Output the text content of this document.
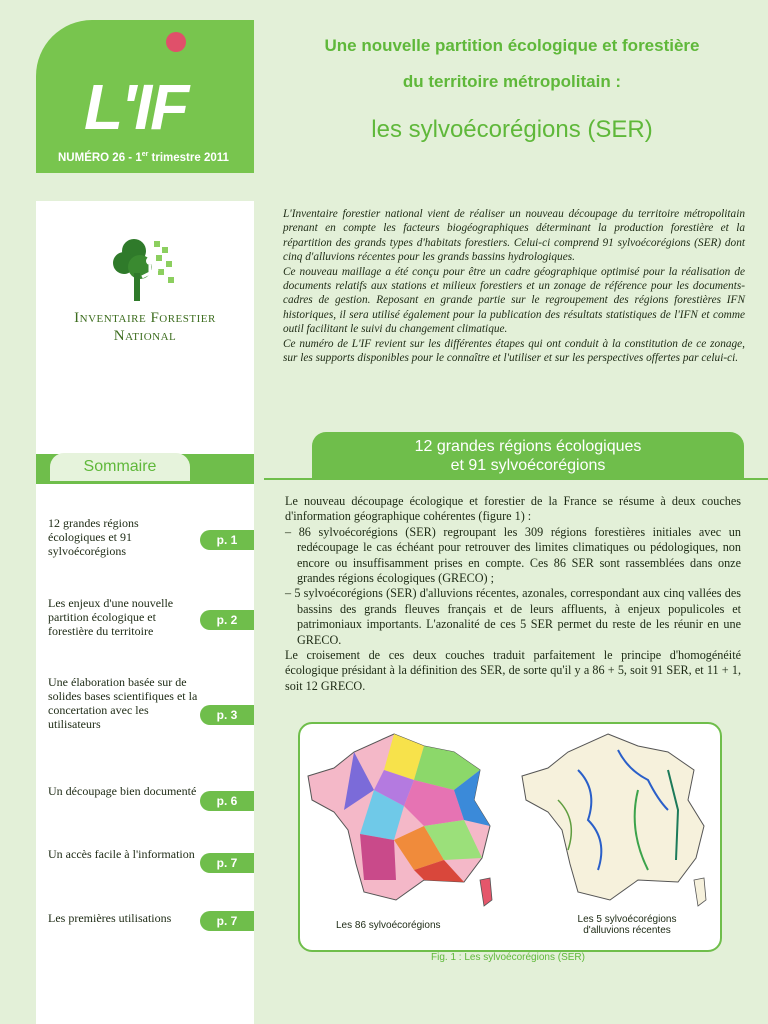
L'IF
NUMÉRO 26 - 1er trimestre 2011
Une nouvelle partition écologique et forestière
du territoire métropolitain :
les sylvoécorégions (SER)
Inventaire Forestier
National
Sommaire
12 grandes régions écologiques et 91 sylvoécorégions
p. 1
Les enjeux d'une nouvelle partition écologique et forestière du territoire
p. 2
Une élaboration basée sur de solides bases scientifiques et la concertation avec les utilisateurs
p. 3
Un découpage bien documenté
p. 6
Un accès facile à l'information
p. 7
Les premières utilisations	p. 7

L'Inventaire forestier national vient de réaliser un nouveau découpage du territoire métropolitain prenant en compte les facteurs biogéographiques déterminant la production forestière et la répartition des grands types d'habitats forestiers. Celui-ci comprend 91 sylvoécorégions (SER) dont cinq d'alluvions récentes pour les grands bassins hydrologiques.

Ce nouveau maillage a été conçu pour être un cadre géographique optimisé pour la réalisation de documents relatifs aux stations et milieux forestiers et un zonage de référence pour les documents-cadres de gestion. Reposant en grande partie sur le regroupement des régions forestières IFN historiques, il sera utilisé également pour la publication des résultats statistiques de l'IFN et comme outil facilitant le suivi du changement climatique.

Ce numéro de L'IF revient sur les différentes étapes qui ont conduit à la constitution de ce zonage, sur les supports disponibles pour le connaître et l'utiliser et sur les perspectives offertes par celui-ci.

12 grandes régions écologiques
et 91 sylvoécorégions

Le nouveau découpage écologique et forestier de la France se résume à deux couches d'information géographique cohérentes (figure 1) :

– 86 sylvoécorégions (SER) regroupant les 309 régions forestières initiales avec un redécoupage le cas échéant pour retrouver des limites climatiques ou pédologiques, non encore ou insuffisamment prises en compte. Ces 86 SER sont rassemblées dans onze grandes régions écologiques (GRECO) ;

– 5 sylvoécorégions (SER) d'alluvions récentes, azonales, correspondant aux cinq vallées des bassins des grands fleuves français et de leurs affluents, à enjeux populicoles et patrimoniaux importants. L'azonalité de ces 5 SER permet du reste de les réunir en une GRECO.

Le croisement de ces deux couches traduit parfaitement le principe d'homogénéité écologique présidant à la définition des SER, de sorte qu'il y a 86 + 5, soit 91 SER, et 11 + 1, soit 12 GRECO.

Les 86 sylvoécorégions
Les 5 sylvoécorégions
d'alluvions récentes
Fig. 1 : Les sylvoécorégions (SER)
